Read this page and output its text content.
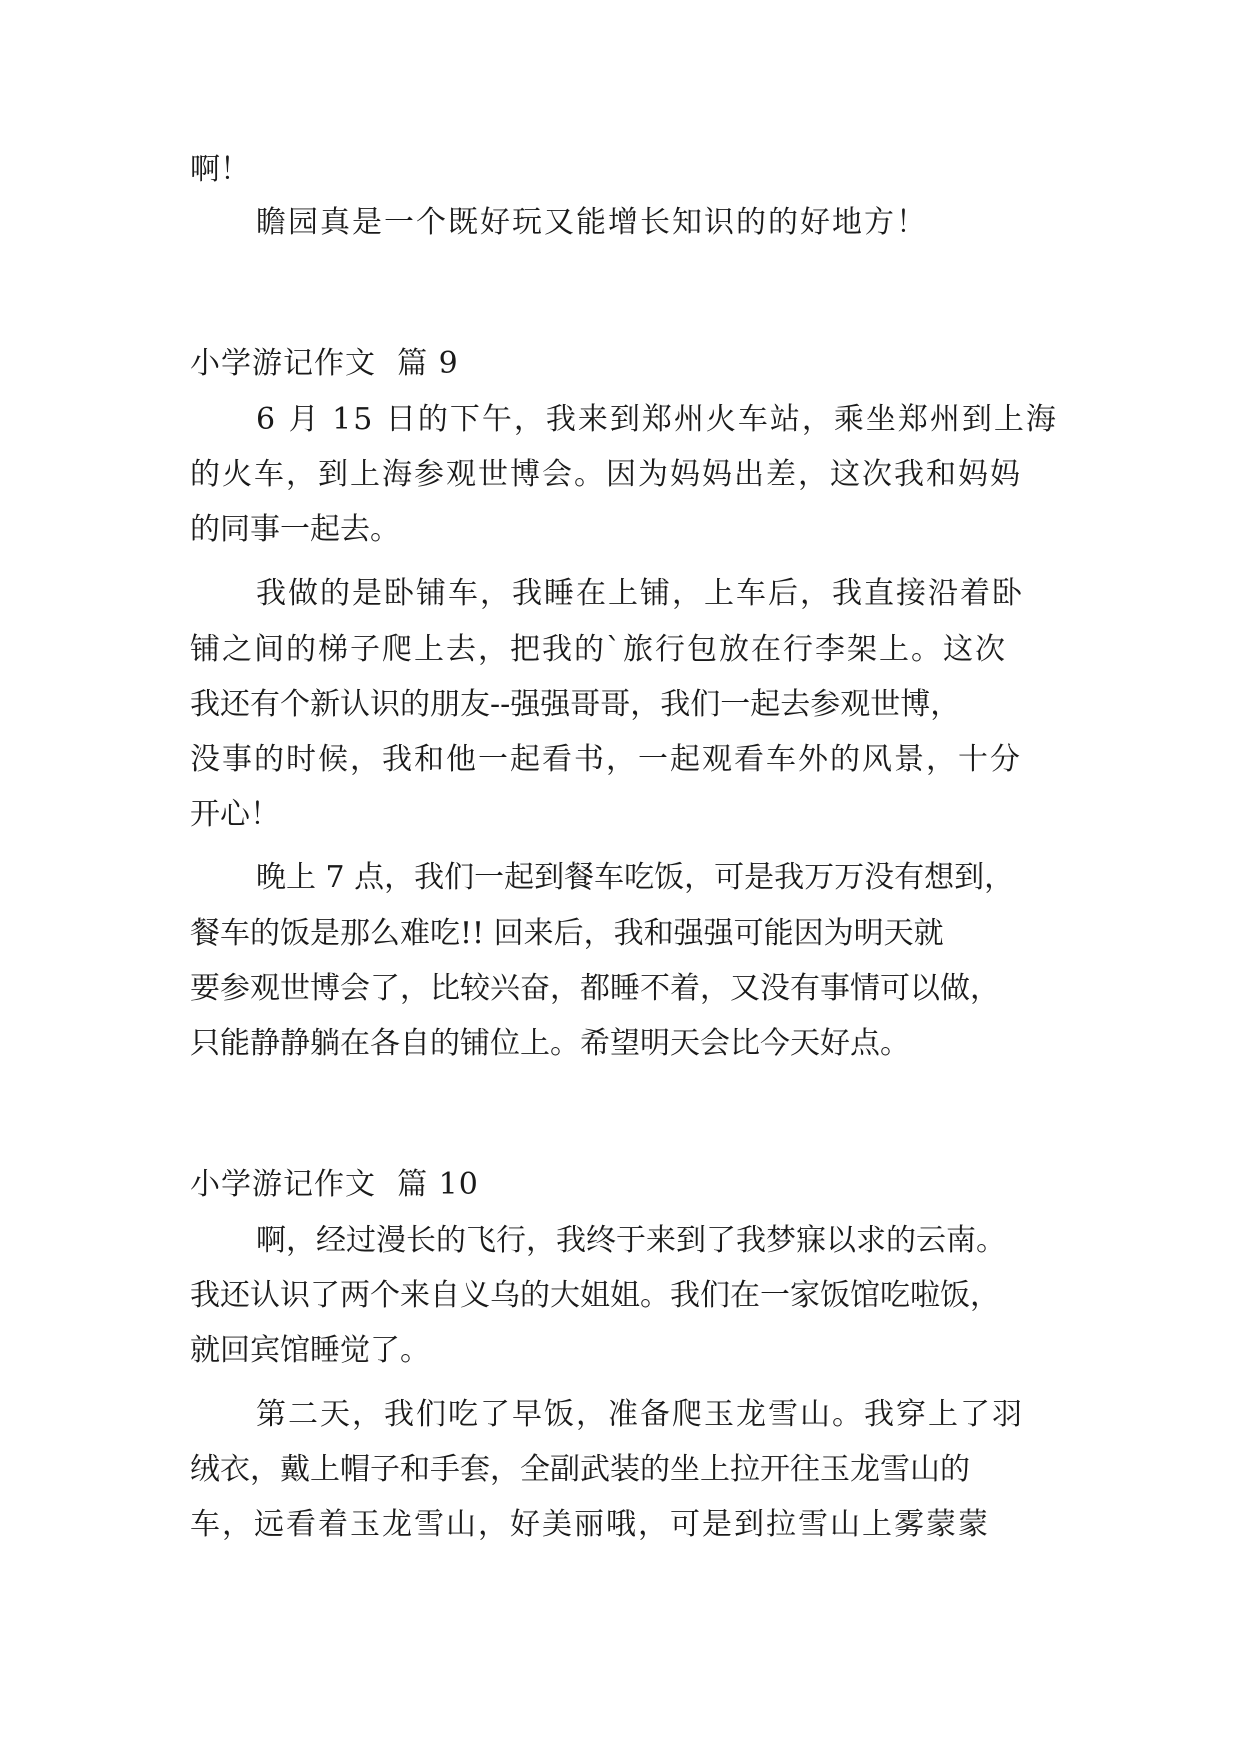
啊！
瞻园真是一个既好玩又能增长知识的的好地方！
小学游记作文  篇 9
6 月 15 日的下午，我来到郑州火车站，乘坐郑州到上海
的火车，到上海参观世博会。因为妈妈出差，这次我和妈妈
的同事一起去。
我做的是卧铺车，我睡在上铺，上车后，我直接沿着卧
铺之间的梯子爬上去，把我的`旅行包放在行李架上。这次
我还有个新认识的朋友--强强哥哥，我们一起去参观世博，
没事的时候，我和他一起看书，一起观看车外的风景，十分
开心！
晚上 7 点，我们一起到餐车吃饭，可是我万万没有想到，
餐车的饭是那么难吃!! 回来后，我和强强可能因为明天就
要参观世博会了，比较兴奋，都睡不着，又没有事情可以做，
只能静静躺在各自的铺位上。希望明天会比今天好点。
小学游记作文  篇 10
啊，经过漫长的飞行，我终于来到了我梦寐以求的云南。
我还认识了两个来自义乌的大姐姐。我们在一家饭馆吃啦饭，
就回宾馆睡觉了。
第二天，我们吃了早饭，准备爬玉龙雪山。我穿上了羽
绒衣，戴上帽子和手套，全副武装的坐上拉开往玉龙雪山的
车，远看着玉龙雪山，好美丽哦，可是到拉雪山上雾蒙蒙
